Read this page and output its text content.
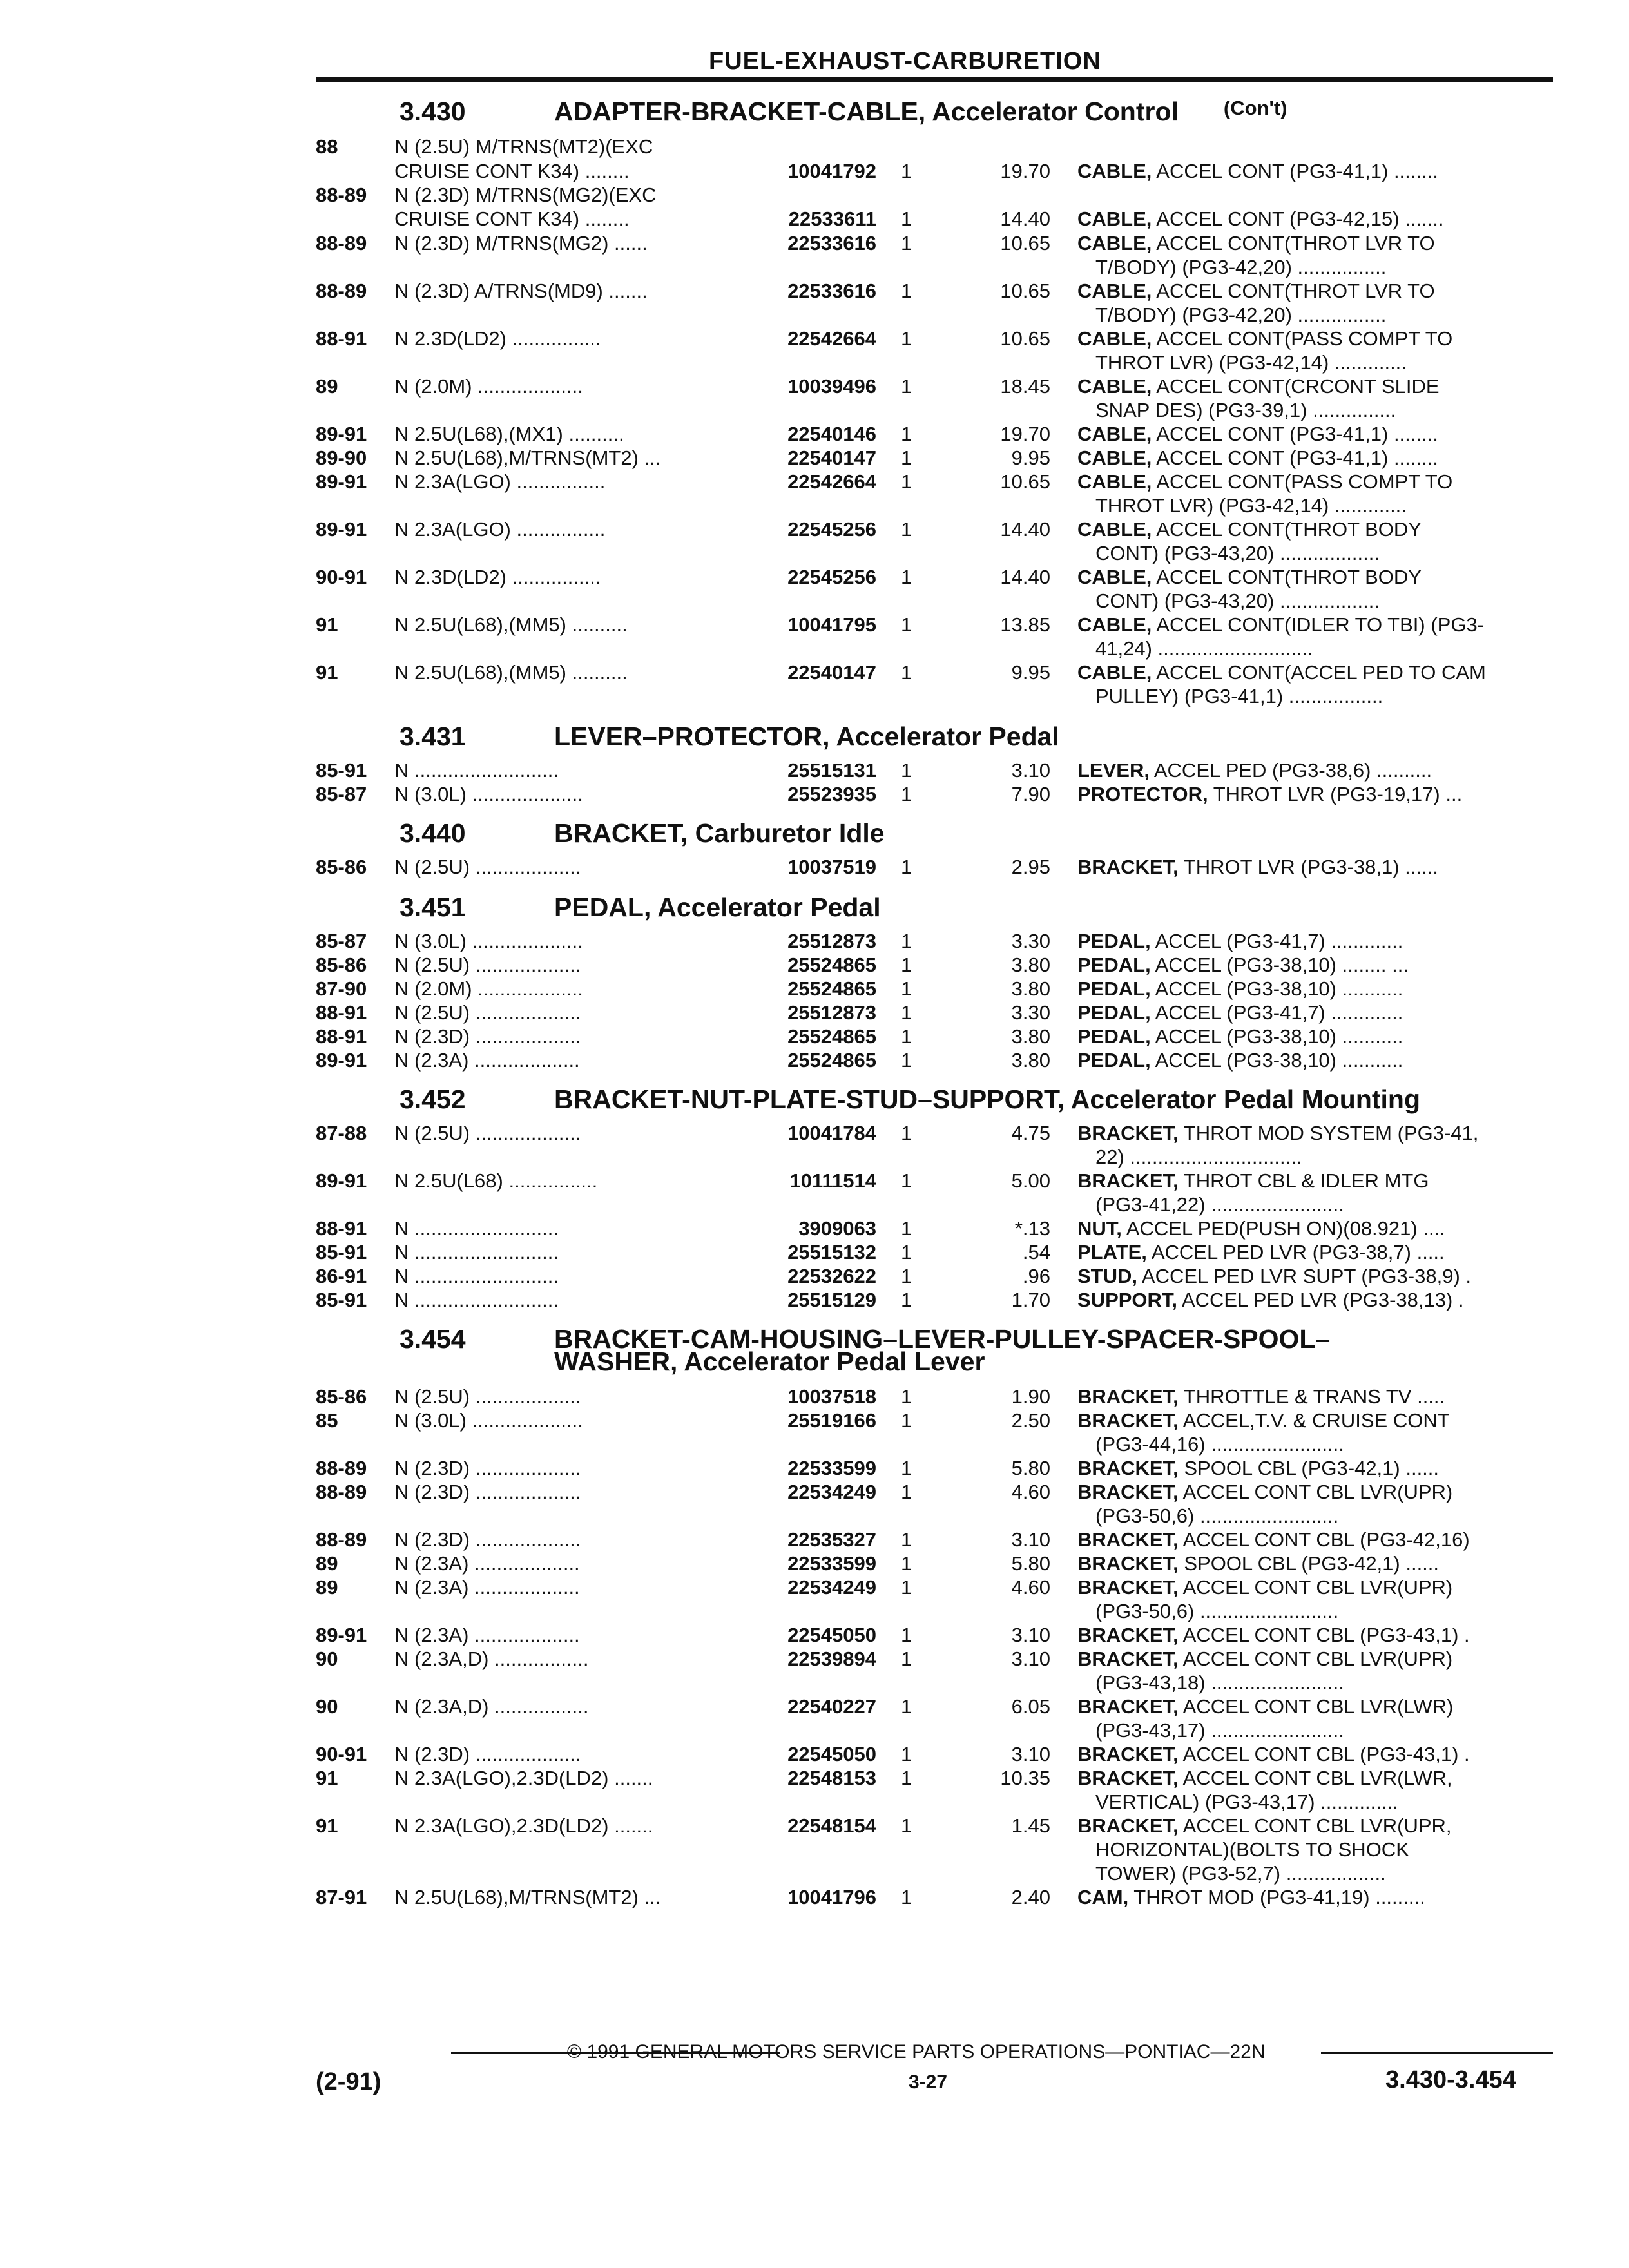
FUEL-EXHAUST-CARBURETION
3.430	ADAPTER-BRACKET-CABLE, Accelerator Control (Con't)
88	N (2.5U) M/TRNS(MT2)(EXC
CRUISE CONT K34) ........	10041792 1	19.70 CABLE, ACCEL CONT (PG3-41,1) ........
88-89 N (2.3D) M/TRNS(MG2)(EXC
CRUISE CONT K34) ........	22533611 1	14.40 CABLE, ACCEL CONT (PG3-42,15) .......
88-89 N (2.3D) M/TRNS(MG2) ......	22533616 1	10.65 CABLE, ACCEL CONT(THROT LVR TO
T/BODY) (PG3-42,20) ................
88-89 N (2.3D) A/TRNS(MD9) .......	22533616 1	10.65 CABLE, ACCEL CONT(THROT LVR TO
T/BODY) (PG3-42,20) ................
88-91 N 2.3D(LD2) ................	22542664 1	10.65 CABLE, ACCEL CONT(PASS COMPT TO
THROT LVR) (PG3-42,14) .............
89	N (2.0M) ...................	10039496 1	18.45 CABLE, ACCEL CONT(CRCONT SLIDE
SNAP DES) (PG3-39,1) ...............
89-91 N 2.5U(L68),(MX1) ..........	22540146 1	19.70 CABLE, ACCEL CONT (PG3-41,1) ........
89-90 N 2.5U(L68),M/TRNS(MT2) ...	22540147 1	9.95 CABLE, ACCEL CONT (PG3-41,1) ........
89-91 N 2.3A(LGO) ................	22542664 1	10.65 CABLE, ACCEL CONT(PASS COMPT TO
THROT LVR) (PG3-42,14) .............
89-91 N 2.3A(LGO) ................	22545256 1	14.40 CABLE, ACCEL CONT(THROT BODY
CONT) (PG3-43,20) ..................
90-91 N 2.3D(LD2) ................	22545256 1	14.40 CABLE, ACCEL CONT(THROT BODY
CONT) (PG3-43,20) ..................
91	N 2.5U(L68),(MM5) ..........	10041795 1	13.85 CABLE, ACCEL CONT(IDLER TO TBI) (PG3-
41,24) ............................
91	N 2.5U(L68),(MM5) ..........	22540147 1	9.95 CABLE, ACCEL CONT(ACCEL PED TO CAM
PULLEY) (PG3-41,1) .................
3.431	LEVER–PROTECTOR, Accelerator Pedal
85-91 N ..........................	25515131 1	3.10 LEVER, ACCEL PED (PG3-38,6) ..........
85-87 N (3.0L) ....................	25523935 1	7.90 PROTECTOR, THROT LVR (PG3-19,17) ...
3.440	BRACKET, Carburetor Idle
85-86 N (2.5U) ...................	10037519 1	2.95 BRACKET, THROT LVR (PG3-38,1) ......
3.451	PEDAL, Accelerator Pedal
85-87 N (3.0L) ....................	25512873 1	3.30 PEDAL, ACCEL (PG3-41,7) .............
85-86 N (2.5U) ...................	25524865 1	3.80 PEDAL, ACCEL (PG3-38,10) ........ ...
87-90 N (2.0M) ...................	25524865 1	3.80 PEDAL, ACCEL (PG3-38,10) ...........
88-91 N (2.5U) ...................	25512873 1	3.30 PEDAL, ACCEL (PG3-41,7) .............
88-91 N (2.3D) ...................	25524865 1	3.80 PEDAL, ACCEL (PG3-38,10) ...........
89-91 N (2.3A) ...................	25524865 1	3.80 PEDAL, ACCEL (PG3-38,10) ...........
3.452	BRACKET-NUT-PLATE-STUD–SUPPORT, Accelerator Pedal Mounting
87-88 N (2.5U) ...................	10041784 1	4.75 BRACKET, THROT MOD SYSTEM (PG3-41,
22) ...............................
89-91 N 2.5U(L68) ................	10111514 1	5.00 BRACKET, THROT CBL & IDLER MTG
(PG3-41,22) ........................
88-91 N ..........................	3909063 1	*.13 NUT, ACCEL PED(PUSH ON)(08.921) ....
85-91 N ..........................	25515132 1	.54 PLATE, ACCEL PED LVR (PG3-38,7) .....
86-91 N ..........................	22532622 1	.96 STUD, ACCEL PED LVR SUPT (PG3-38,9) .
85-91 N ..........................	25515129 1	1.70 SUPPORT, ACCEL PED LVR (PG3-38,13) .
3.454	BRACKET-CAM-HOUSING–LEVER-PULLEY-SPACER-SPOOL–
WASHER, Accelerator Pedal Lever
85-86 N (2.5U) ...................	10037518 1	1.90 BRACKET, THROTTLE & TRANS TV .....
85	N (3.0L) ....................	25519166 1	2.50 BRACKET, ACCEL,T.V. & CRUISE CONT
(PG3-44,16) ........................
88-89 N (2.3D) ...................	22533599 1	5.80 BRACKET, SPOOL CBL (PG3-42,1) ......
88-89 N (2.3D) ...................	22534249 1	4.60 BRACKET, ACCEL CONT CBL LVR(UPR)
(PG3-50,6) .........................
88-89 N (2.3D) ...................	22535327 1	3.10 BRACKET, ACCEL CONT CBL (PG3-42,16)
89	N (2.3A) ...................	22533599 1	5.80 BRACKET, SPOOL CBL (PG3-42,1) ......
89	N (2.3A) ...................	22534249 1	4.60 BRACKET, ACCEL CONT CBL LVR(UPR)
(PG3-50,6) .........................
89-91 N (2.3A) ...................	22545050 1	3.10 BRACKET, ACCEL CONT CBL (PG3-43,1) .
90	N (2.3A,D) .................	22539894 1	3.10 BRACKET, ACCEL CONT CBL LVR(UPR)
(PG3-43,18) ........................
90	N (2.3A,D) .................	22540227 1	6.05 BRACKET, ACCEL CONT CBL LVR(LWR)
(PG3-43,17) ........................
90-91 N (2.3D) ...................	22545050 1	3.10 BRACKET, ACCEL CONT CBL (PG3-43,1) .
91	N 2.3A(LGO),2.3D(LD2) .......	22548153 1	10.35 BRACKET, ACCEL CONT CBL LVR(LWR,
VERTICAL) (PG3-43,17) ..............
91	N 2.3A(LGO),2.3D(LD2) .......	22548154 1	1.45 BRACKET, ACCEL CONT CBL LVR(UPR,
HORIZONTAL)(BOLTS TO SHOCK
TOWER) (PG3-52,7) ..................
87-91 N 2.5U(L68),M/TRNS(MT2) ...	10041796 1	2.40 CAM, THROT MOD (PG3-41,19) .........
© 1991 GENERAL MOTORS SERVICE PARTS OPERATIONS—PONTIAC—22N
(2-91)	3-27	3.430-3.454
